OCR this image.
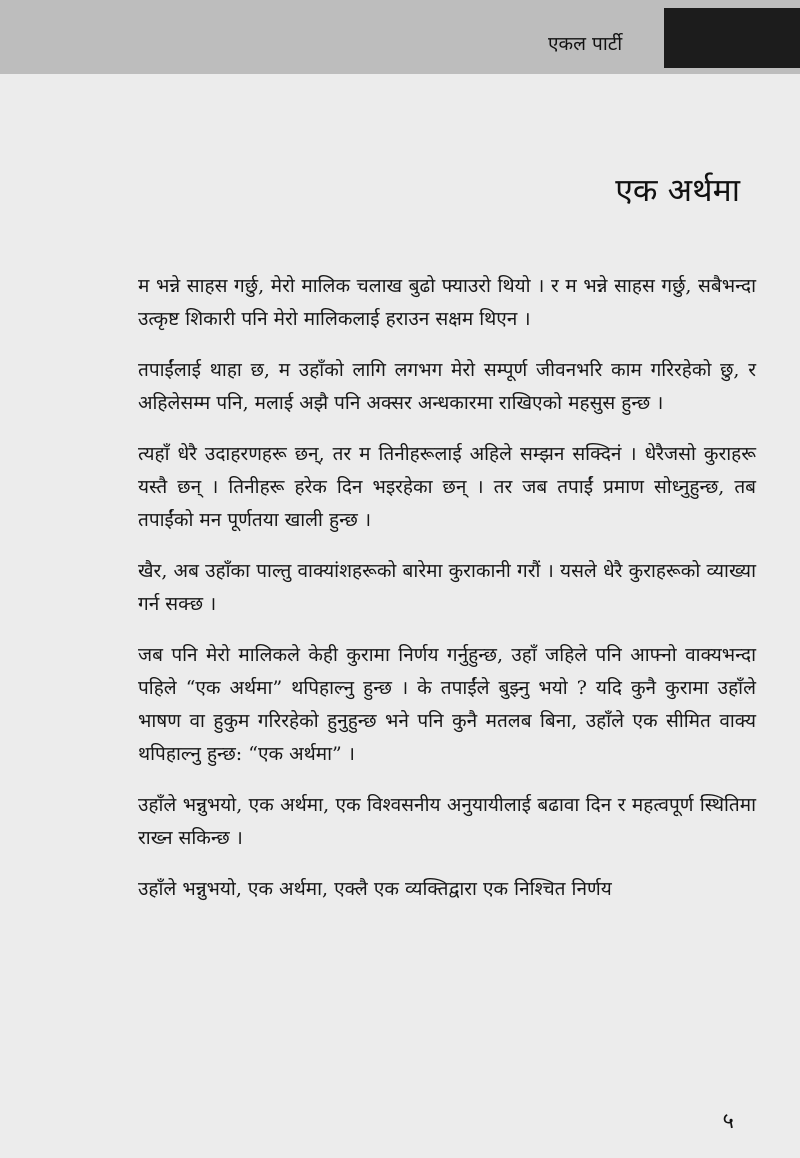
एकल पार्टी
एक अर्थमा

म भन्ने साहस गर्छु, मेरो मालिक चलाख बुढो फ्याउरो थियो । र म भन्ने साहस गर्छु, सबैभन्दा उत्कृष्ट शिकारी पनि मेरो मालिकलाई हराउन सक्षम थिएन ।

तपाईंलाई थाहा छ, म उहाँको लागि लगभग मेरो सम्पूर्ण जीवनभरि काम गरिरहेको छु, र अहिलेसम्म पनि, मलाई अझै पनि अक्सर अन्धकारमा राखिएको महसुस हुन्छ ।

त्यहाँ धेरै उदाहरणहरू छन्, तर म तिनीहरूलाई अहिले सम्झन सक्दिनं । धेरैजसो कुराहरू यस्तै छन् । तिनीहरू हरेक दिन भइरहेका छन् । तर जब तपाईं प्रमाण सोध्नुहुन्छ, तब तपाईंको मन पूर्णतया खाली हुन्छ ।

खैर, अब उहाँका पाल्तु वाक्यांशहरूको बारेमा कुराकानी गरौं । यसले धेरै कुराहरूको व्याख्या गर्न सक्छ ।

जब पनि मेरो मालिकले केही कुरामा निर्णय गर्नुहुन्छ, उहाँ जहिले पनि आफ्नो वाक्यभन्दा पहिले “एक अर्थमा” थपिहाल्नु हुन्छ । के तपाईंले बुझ्नु भयो ? यदि कुनै कुरामा उहाँले भाषण वा हुकुम गरिरहेको हुनुहुन्छ भने पनि कुनै मतलब बिना, उहाँले एक सीमित वाक्य थपिहाल्नु हुन्छ: “एक अर्थमा” ।

उहाँले भन्नुभयो, एक अर्थमा, एक विश्वसनीय अनुयायीलाई बढावा दिन र महत्वपूर्ण स्थितिमा राख्न सकिन्छ ।

उहाँले भन्नुभयो, एक अर्थमा, एक्लै एक व्यक्तिद्वारा एक निश्चित निर्णय

५
